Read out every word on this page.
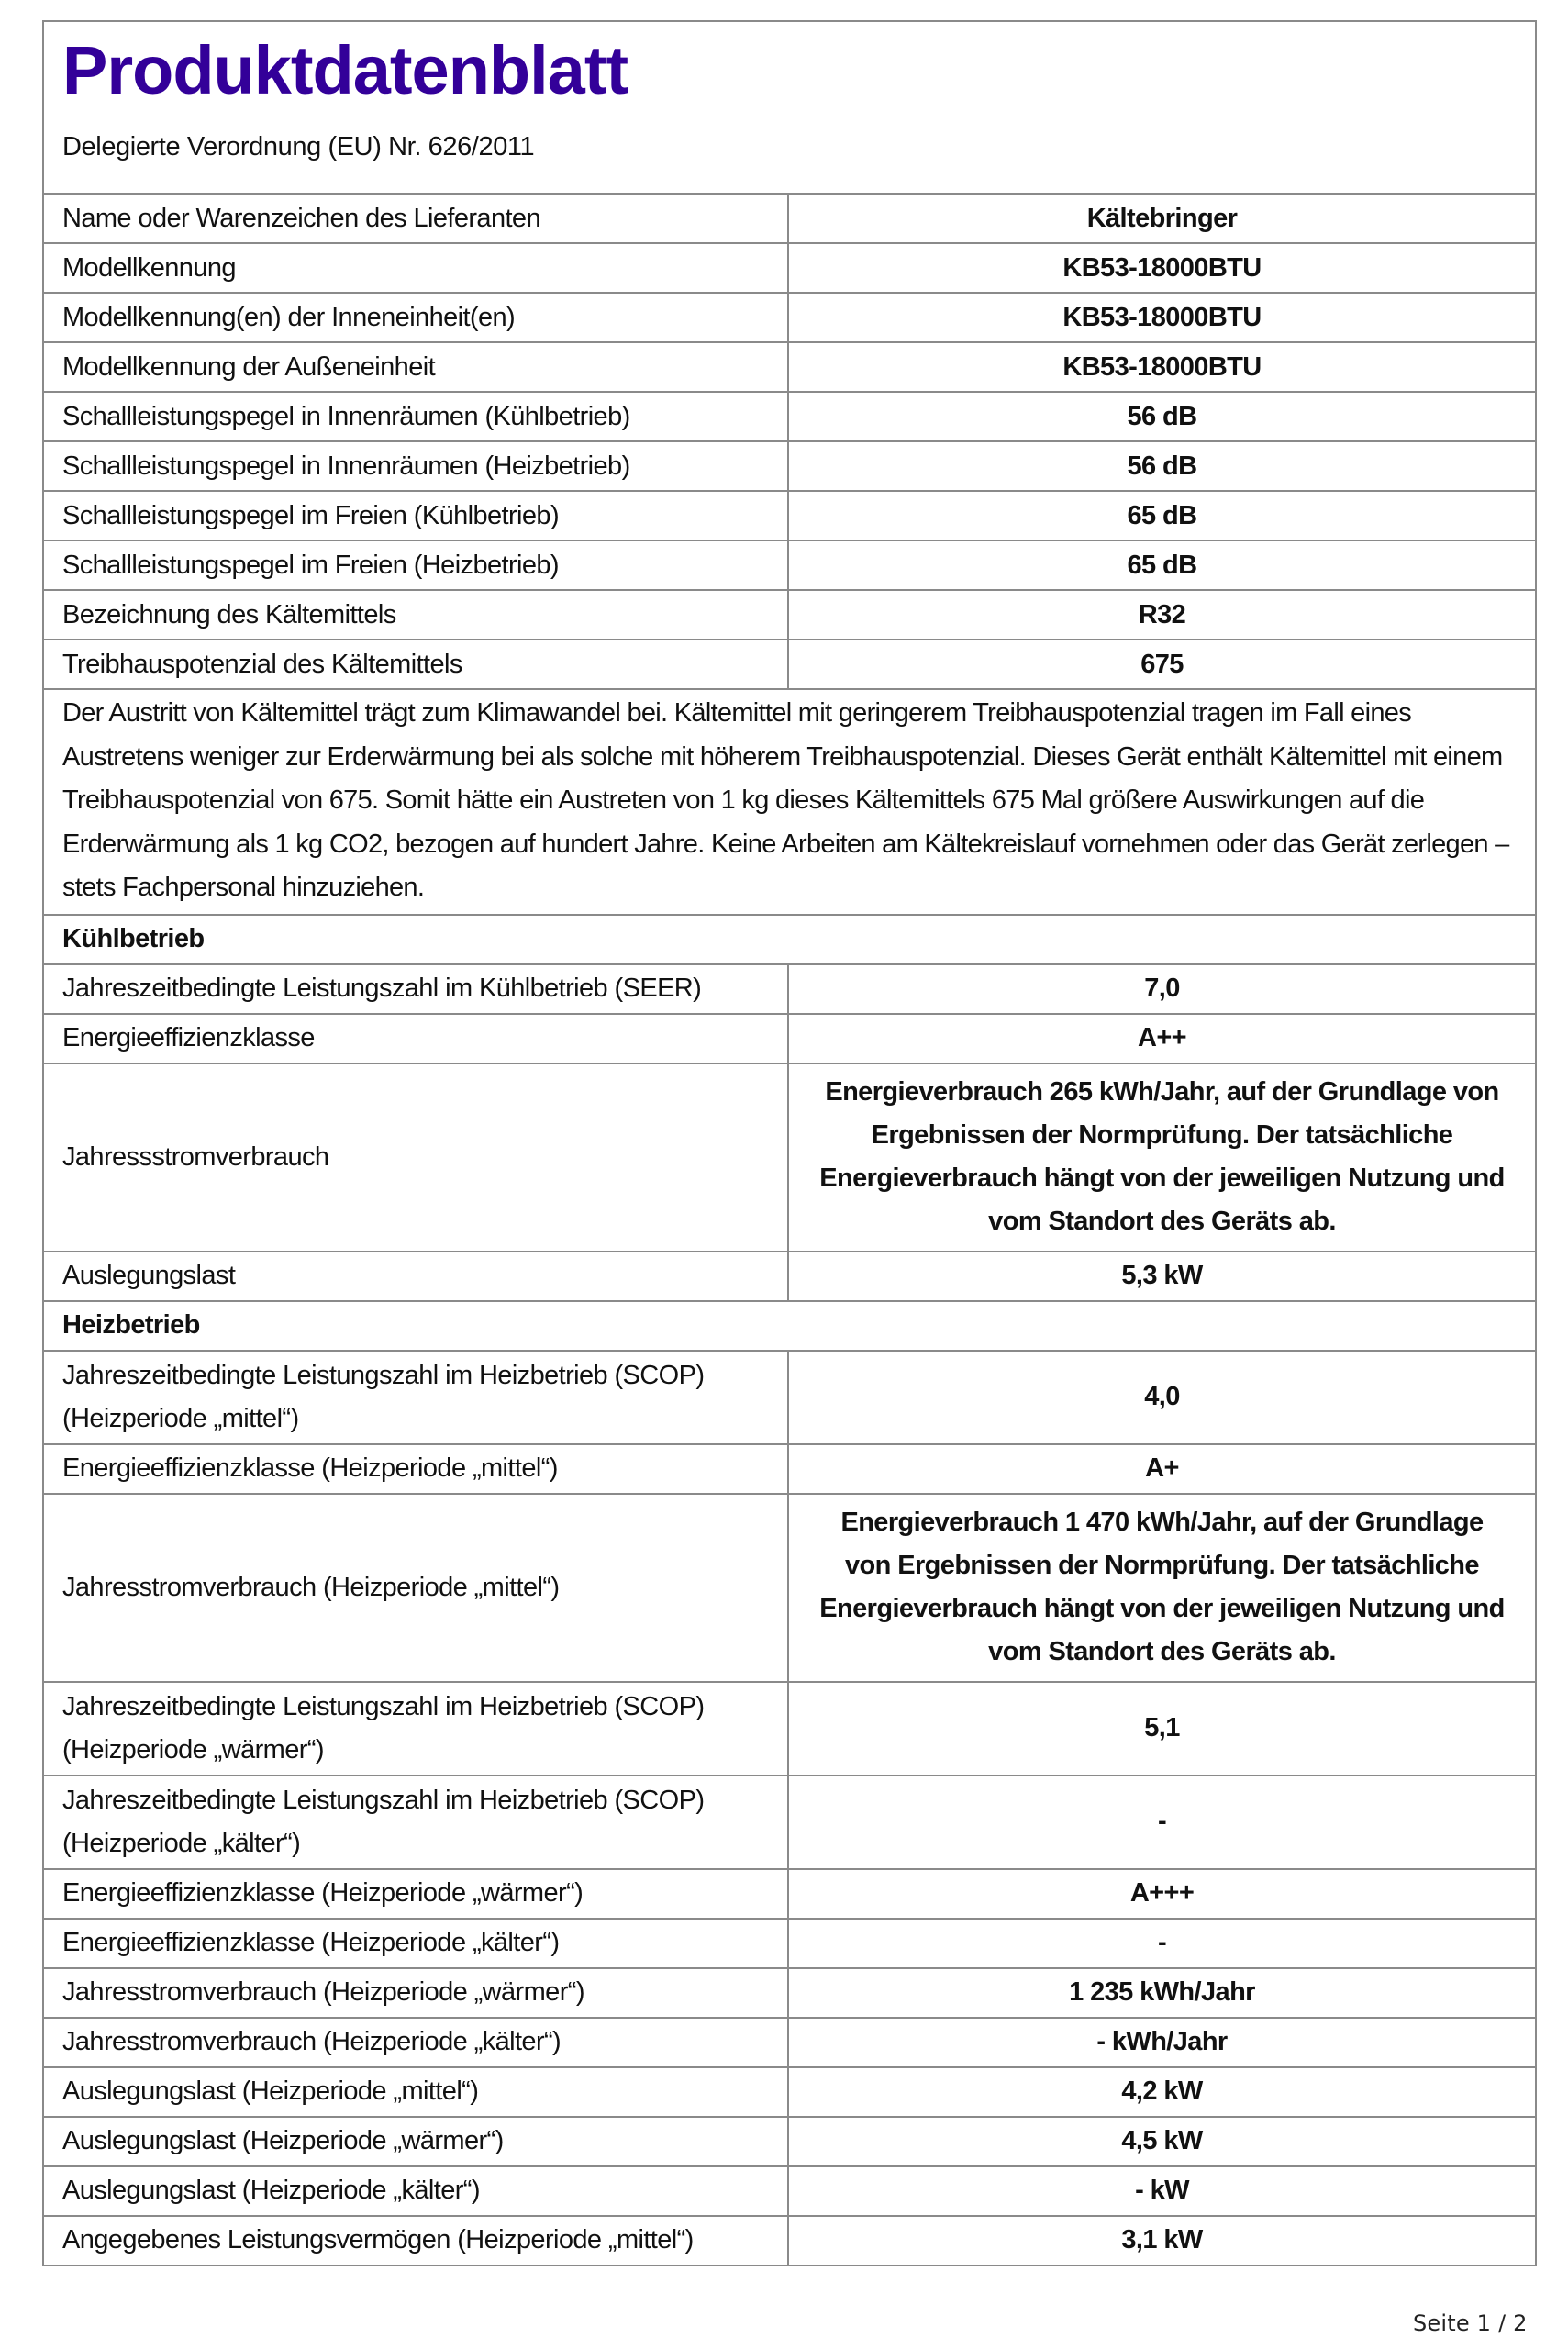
Produktdatenblatt
Delegierte Verordnung (EU) Nr. 626/2011	

Name oder Warenzeichen des Lieferanten	Kältebringer
Modellkennung	KB53-18000BTU
Modellkennung(en) der Inneneinheit(en)	KB53-18000BTU
Modellkennung der Außeneinheit	KB53-18000BTU
Schallleistungspegel in Innenräumen (Kühlbetrieb)	56 dB
Schallleistungspegel in Innenräumen (Heizbetrieb)	56 dB
Schallleistungspegel im Freien (Kühlbetrieb)	65 dB
Schallleistungspegel im Freien (Heizbetrieb)	65 dB
Bezeichnung des Kältemittels	R32
Treibhauspotenzial des Kältemittels	675
Der Austritt von Kältemittel trägt zum Klimawandel bei. Kältemittel mit geringerem Treibhauspotenzial tragen im Fall eines Austretens weniger zur Erderwärmung bei als solche mit höherem Treibhauspotenzial. Dieses Gerät enthält Kältemittel mit einem Treibhauspotenzial von 675. Somit hätte ein Austreten von 1 kg dieses Kältemittels 675 Mal größere Auswirkungen auf die Erderwärmung als 1 kg CO2, bezogen auf hundert Jahre. Keine Arbeiten am Kältekreislauf vornehmen oder das Gerät zerlegen – stets Fachpersonal hinzuziehen.	
Kühlbetrieb	
Jahreszeitbedingte Leistungszahl im Kühlbetrieb (SEER)	7,0
Energieeffizienzklasse	A++
Jahressstromverbrauch	Energieverbrauch 265 kWh/Jahr, auf der Grundlage von Ergebnissen der Normprüfung. Der tatsächliche Energieverbrauch hängt von der jeweiligen Nutzung und vom Standort des Geräts ab.
Auslegungslast	5,3 kW
Heizbetrieb	
Jahreszeitbedingte Leistungszahl im Heizbetrieb (SCOP) (Heizperiode „mittel“)	4,0
Energieeffizienzklasse (Heizperiode „mittel“)	A+
Jahresstromverbrauch (Heizperiode „mittel“)	Energieverbrauch 1 470 kWh/Jahr, auf der Grundlage von Ergebnissen der Normprüfung. Der tatsächliche Energieverbrauch hängt von der jeweiligen Nutzung und vom Standort des Geräts ab.
Jahreszeitbedingte Leistungszahl im Heizbetrieb (SCOP) (Heizperiode „wärmer“)	5,1
Jahreszeitbedingte Leistungszahl im Heizbetrieb (SCOP) (Heizperiode „kälter“)	-
Energieeffizienzklasse (Heizperiode „wärmer“)	A+++
Energieeffizienzklasse (Heizperiode „kälter“)	-
Jahresstromverbrauch (Heizperiode „wärmer“)	1 235 kWh/Jahr
Jahresstromverbrauch (Heizperiode „kälter“)	- kWh/Jahr
Auslegungslast (Heizperiode „mittel“)	4,2 kW
Auslegungslast (Heizperiode „wärmer“)	4,5 kW
Auslegungslast (Heizperiode „kälter“)	- kW
Angegebenes Leistungsvermögen (Heizperiode „mittel“)	3,1 kW
Seite 1 / 2
